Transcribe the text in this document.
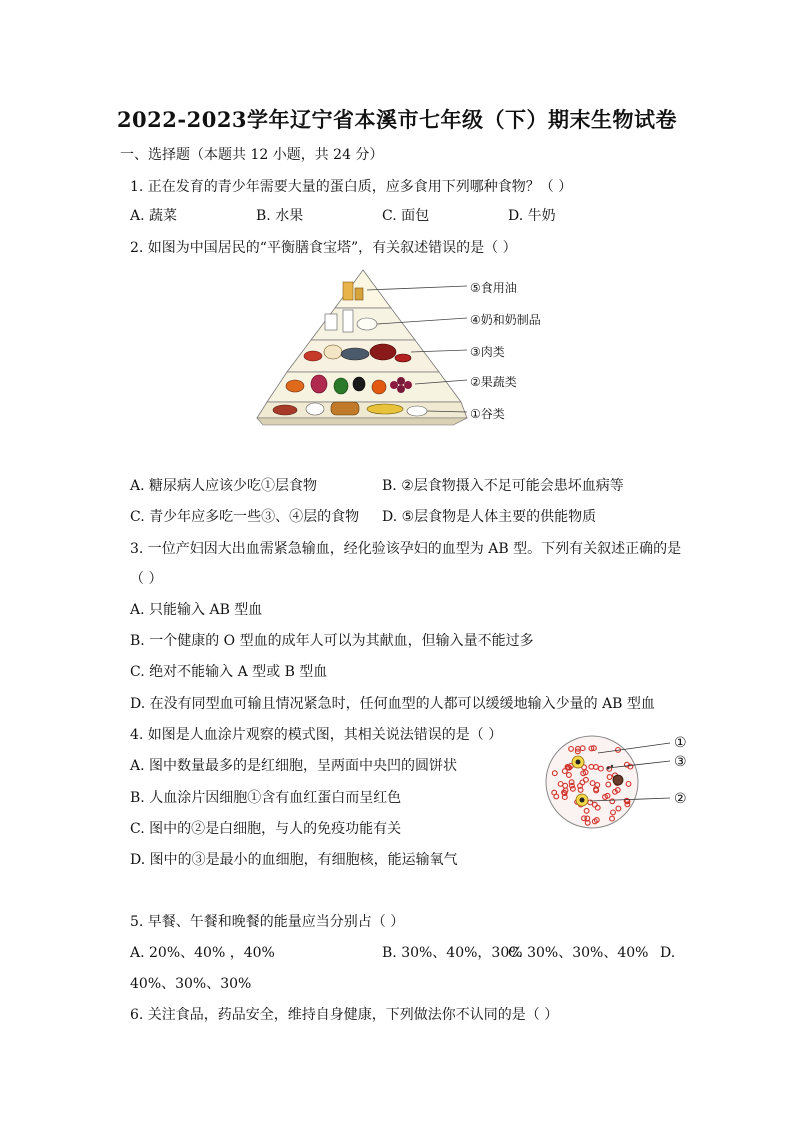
2022-2023学年辽宁省本溪市七年级（下）期末生物试卷
一、选择题（本题共 12 小题，共 24 分）
1. 正在发育的青少年需要大量的蛋白质，应多食用下列哪种食物？（ ）
A. 蔬菜	B. 水果	C. 面包	D. 牛奶
2. 如图为中国居民的“平衡膳食宝塔”，有关叙述错误的是（ ）
⑤食用油
④奶和奶制品
③肉类
②果蔬类
①谷类
A. 糖尿病人应该少吃①层食物	B. ②层食物摄入不足可能会患坏血病等
C. 青少年应多吃一些③、④层的食物 D. ⑤层食物是人体主要的供能物质
3. 一位产妇因大出血需紧急输血，经化验该孕妇的血型为 AB 型。下列有关叙述正确的是
（ ）
A. 只能输入 AB 型血
B. 一个健康的 O 型血的成年人可以为其献血，但输入量不能过多
C. 绝对不能输入 A 型或 B 型血
D. 在没有同型血可输且情况紧急时，任何血型的人都可以缓缓地输入少量的 AB 型血
4. 如图是人血涂片观察的模式图，其相关说法错误的是（ ）
A. 图中数量最多的是红细胞，呈两面中央凹的圆饼状
B. 人血涂片因细胞①含有血红蛋白而呈红色
C. 图中的②是白细胞，与人的免疫功能有关
D. 图中的③是最小的血细胞，有细胞核，能运输氧气
①
③
②
5. 早餐、午餐和晚餐的能量应当分别占（ ）
A. 20%、40% ，40%	B. 30%、40%，30%
C. 30%、30%、40% D.
40%、30%、30%
6. 关注食品，药品安全，维持自身健康，下列做法你不认同的是（ ）
